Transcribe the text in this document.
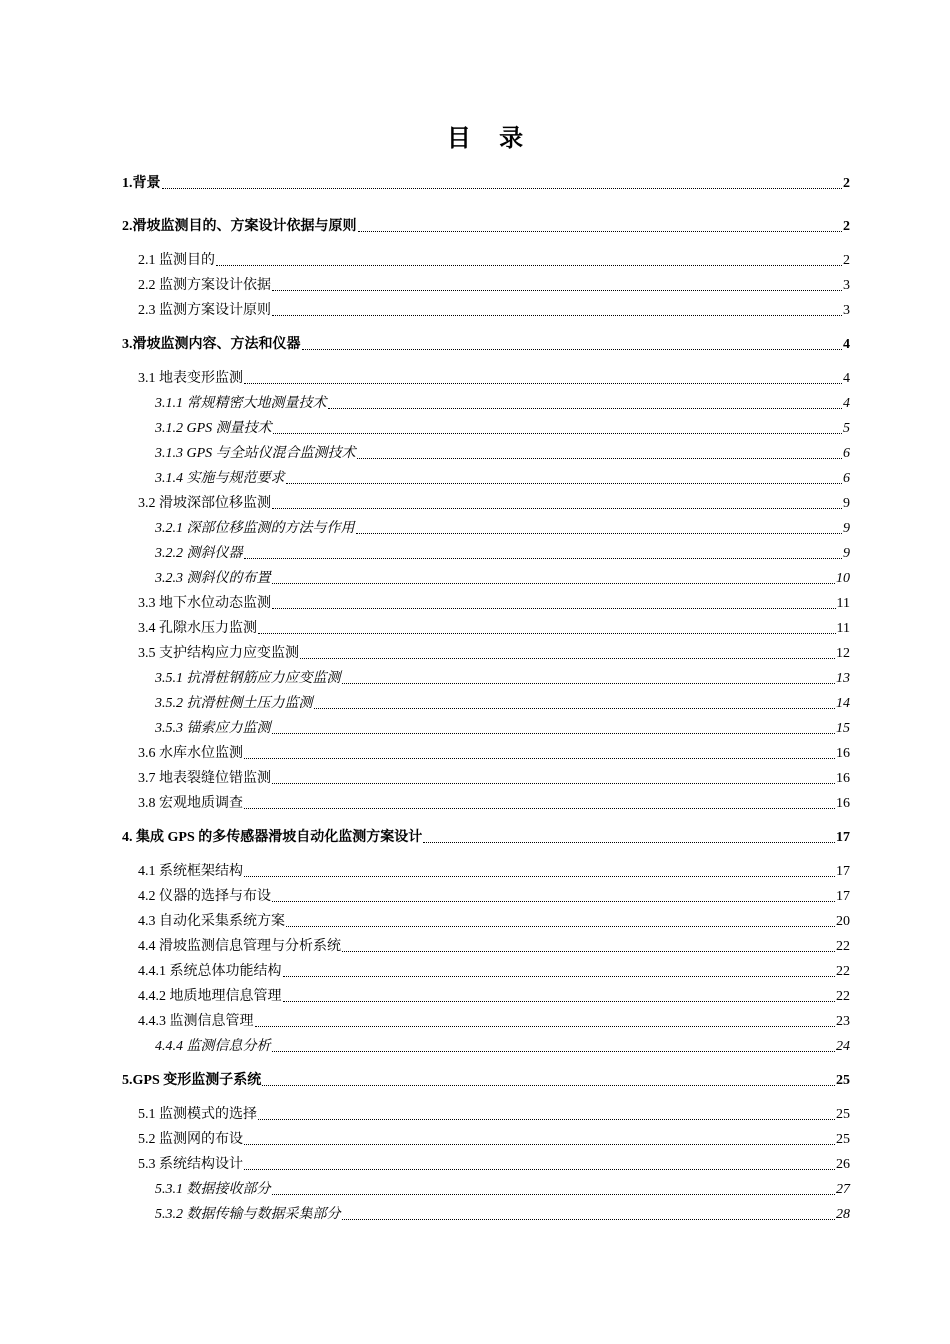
目 录
1.背景	2
2.滑坡监测目的、方案设计依据与原则	2
2.1 监测目的	2
2.2 监测方案设计依据	3
2.3 监测方案设计原则	3
3.滑坡监测内容、方法和仪器	4
3.1 地表变形监测	4
3.1.1 常规精密大地测量技术	4
3.1.2 GPS 测量技术	5
3.1.3 GPS 与全站仪混合监测技术	6
3.1.4 实施与规范要求	6
3.2 滑坡深部位移监测	9
3.2.1 深部位移监测的方法与作用	9
3.2.2 测斜仪器	9
3.2.3 测斜仪的布置	10
3.3 地下水位动态监测	11
3.4 孔隙水压力监测	11
3.5 支护结构应力应变监测	12
3.5.1 抗滑桩钢筋应力应变监测	13
3.5.2 抗滑桩侧土压力监测	14
3.5.3 锚索应力监测	15
3.6 水库水位监测	16
3.7 地表裂缝位错监测	16
3.8 宏观地质调查	16
4. 集成 GPS 的多传感器滑坡自动化监测方案设计	17
4.1 系统框架结构	17
4.2 仪器的选择与布设	17
4.3 自动化采集系统方案	20
4.4 滑坡监测信息管理与分析系统	22
4.4.1 系统总体功能结构	22
4.4.2 地质地理信息管理	22
4.4.3 监测信息管理	23
4.4.4 监测信息分析	24
5.GPS 变形监测子系统	25
5.1 监测模式的选择	25
5.2 监测网的布设	25
5.3 系统结构设计	26
5.3.1 数据接收部分	27
5.3.2 数据传输与数据采集部分	28
